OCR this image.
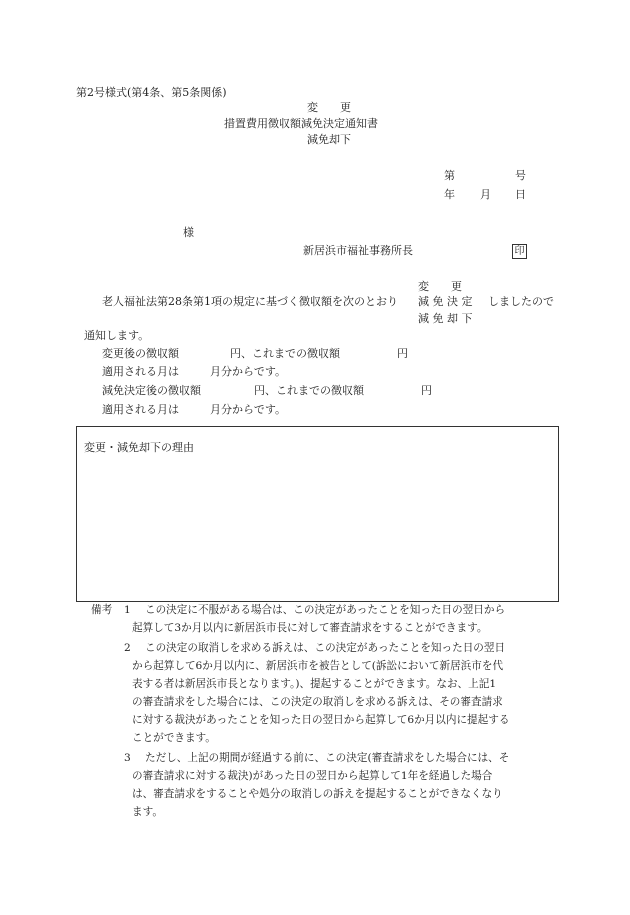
第2号様式(第4条、第5条関係)
変　　更
措置費用徴収額減免決定通知書
減免却下
第	号
年 月 日
様
新居浜市福祉事務所長	印
変　　更
老人福祉法第28条第1項の規定に基づく徴収額を次のとおり 減 免 決 定 しましたので
減 免 却 下
通知します。
変更後の徴収額	円、これまでの徴収額	円
適用される月は	月分からです。
減免決定後の徴収額	円、これまでの徴収額	円
適用される月は	月分からです。
変更・減免却下の理由
備考 1 この決定に不服がある場合は、この決定があったことを知った日の翌日から
起算して3か月以内に新居浜市長に対して審査請求をすることができます。
2 この決定の取消しを求める訴えは、この決定があったことを知った日の翌日
から起算して6か月以内に、新居浜市を被告として(訴訟において新居浜市を代
表する者は新居浜市長となります。)、提起することができます。なお、上記1
の審査請求をした場合には、この決定の取消しを求める訴えは、その審査請求
に対する裁決があったことを知った日の翌日から起算して6か月以内に提起する
ことができます。
3 ただし、上記の期間が経過する前に、この決定(審査請求をした場合には、そ
の審査請求に対する裁決)があった日の翌日から起算して1年を経過した場合
は、審査請求をすることや処分の取消しの訴えを提起することができなくなり
ます。
